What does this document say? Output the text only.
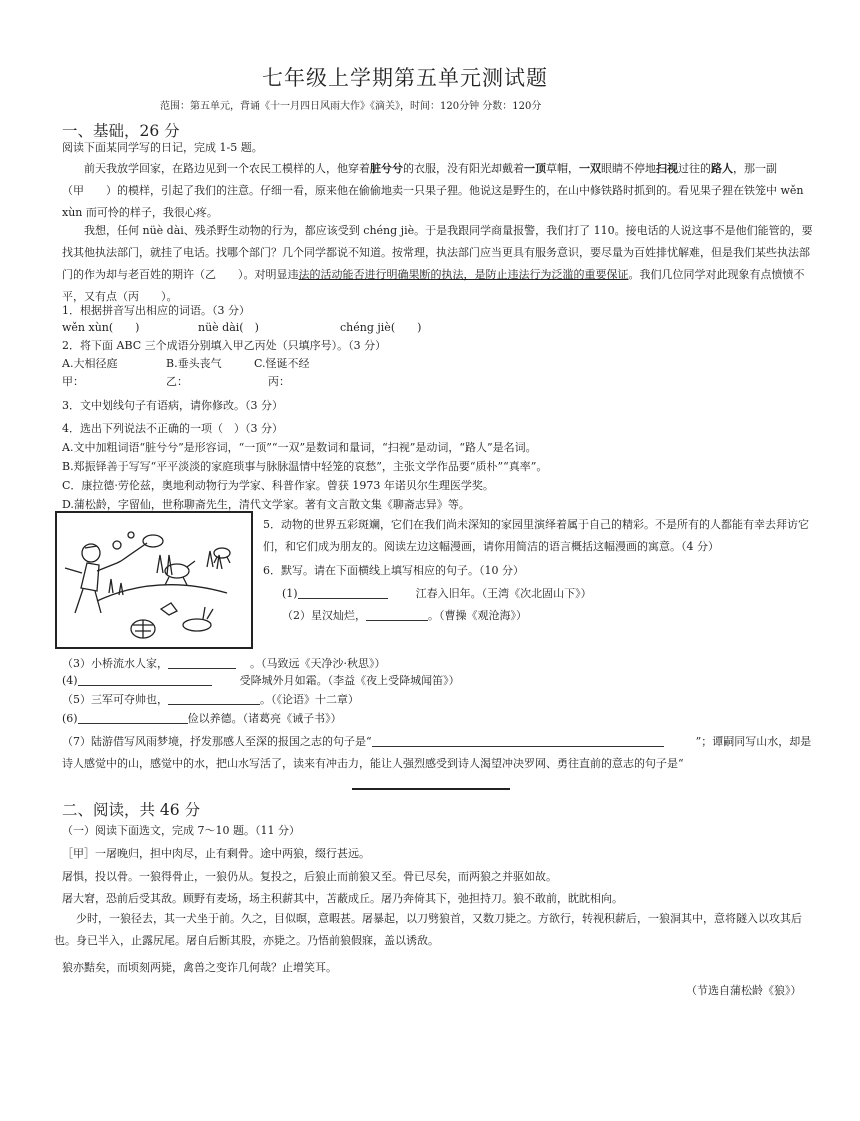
七年级上学期第五单元测试题
范围：第五单元，背诵《十一月四日风雨大作》《滴关》，时间：120分钟 分数：120分
一、基础，26 分
阅读下面某同学写的日记，完成 1-5 题。
前天我放学回家，在路边见到一个农民工模样的人，他穿着脏兮兮的衣服，没有阳光却戴着一顶草帽，一双眼睛不停地扫视过往的路人，那一副（甲　　）的模样，引起了我们的注意。仔细一看，原来他在偷偷地卖一只果子狸。他说这是野生的，在山中修铁路时抓到的。看见果子狸在铁笼中 wěn xùn 而可怜的样子，我很心疼。
我想，任何 nüè dài、残杀野生动物的行为，都应该受到 chéng jiè。于是我跟同学商量报警，我们打了 110。接电话的人说这事不是他们能管的，要找其他执法部门，就挂了电话。找哪个部门？几个同学都说不知道。按常理，执法部门应当更具有服务意识，要尽量为百姓排忧解难，但是我们某些执法部门的作为却与老百姓的期许（乙　　）。对明显违法的活动能否进行明确果断的执法，是防止违法行为泛滥的重要保证。我们几位同学对此现象有点愤愤不平，又有点（丙　　）。
1．根据拼音写出相应的词语。（3 分）
wěn xùn(　　)	nüè dài(　)	chéng jiè(　　)
2．将下面 ABC 三个成语分别填入甲乙丙处（只填序号）。（3 分）
A.大相径庭	B.垂头丧气	C.怪诞不经
甲：	乙：	丙：
3．文中划线句子有语病，请你修改。（3 分）
4．选出下列说法不正确的一项（　）（3 分）
A.文中加粗词语“脏兮兮”是形容词，“一顶”“一双”是数词和量词，“扫视”是动词，“路人”是名词。
B.郑振铎善于写写“平平淡淡的家庭琐事与脉脉温情中轻笼的哀愁”，主张文学作品要“质朴”“真率”。
C．康拉德·劳伦兹，奥地利动物行为学家、科普作家。曾获 1973 年诺贝尔生理医学奖。
D.蒲松龄，字留仙，世称聊斋先生，清代文学家。著有文言散文集《聊斋志异》等。
5．动物的世界五彩斑斓，它们在我们尚未深知的家园里演绎着属于自己的精彩。不是所有的人都能有幸去拜访它们，和它们成为朋友的。阅读左边这幅漫画，请你用简洁的语言概括这幅漫画的寓意。（4 分）
6．默写。请在下面横线上填写相应的句子。（10 分）
(1)	江春入旧年。（王湾《次北固山下》）
（2）星汉灿烂，	。（曹操《观沧海》）
（3）小桥流水人家，	。（马致远《天净沙·秋思》）
(4)	受降城外月如霜。（李益《夜上受降城闻笛》）
（5）三军可夺帅也，	。（《论语》十二章）
(6)	俭以养德。（诸葛亮《诫子书》）
（7）陆游借写风雨梦境，抒发那感人至深的报国之志的句子是“	”；谭嗣同写山水，却是诗人感觉中的山，感觉中的水，把山水写活了，读来有冲击力，能让人强烈感受到诗人渴望冲决罗网、勇往直前的意志的句子是“
二、阅读，共 46 分
（一）阅读下面选文，完成 7～10 题。（11 分）
［甲］一屠晚归，担中肉尽，止有剩骨。途中两狼，缀行甚远。
屠惧，投以骨。一狼得骨止，一狼仍从。复投之，后狼止而前狼又至。骨已尽矣，而两狼之并驱如故。
屠大窘，恐前后受其敌。顾野有麦场，场主积薪其中，苫蔽成丘。屠乃奔倚其下，弛担持刀。狼不敢前，眈眈相向。
少时，一狼径去，其一犬坐于前。久之，目似暝，意暇甚。屠暴起，以刀劈狼首，又数刀毙之。方欲行，转视积薪后，一狼洞其中，意将隧入以攻其后也。身已半入，止露尻尾。屠自后断其股，亦毙之。乃悟前狼假寐，盖以诱敌。
狼亦黠矣，而顷刻两毙，禽兽之变诈几何哉？止增笑耳。
（节选自蒲松龄《狼》）
